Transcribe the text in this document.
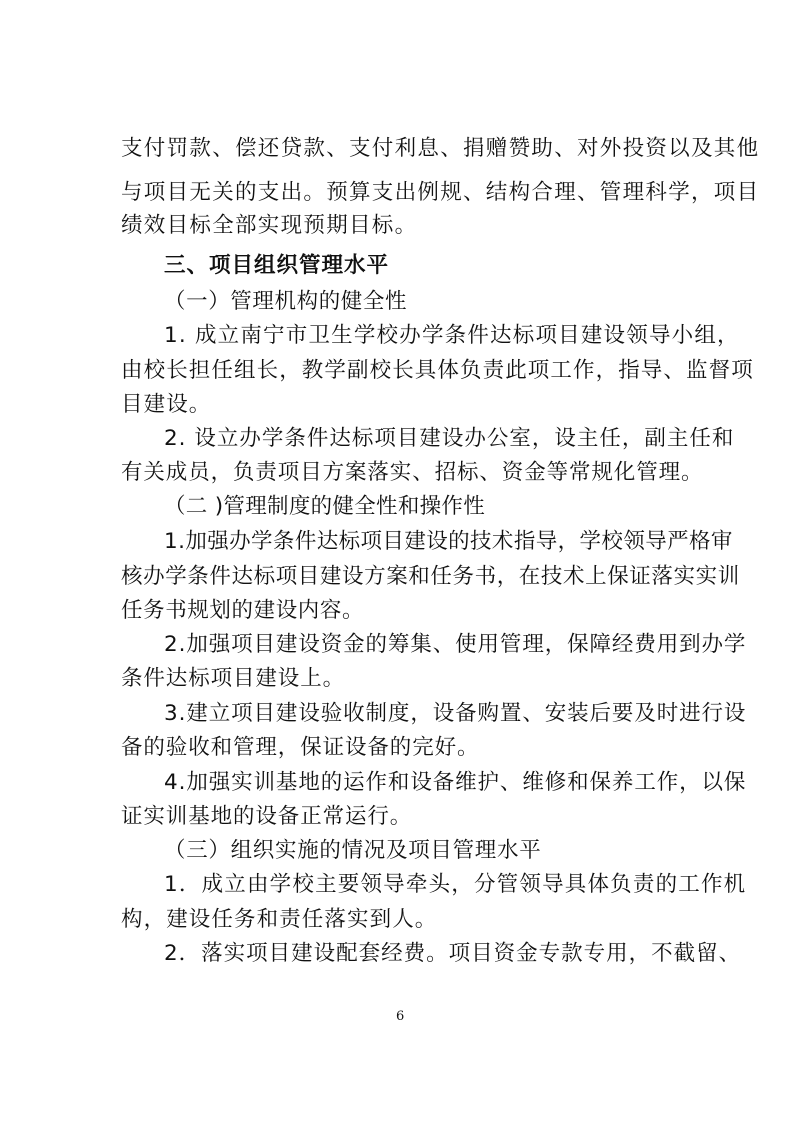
支付罚款、偿还贷款、支付利息、捐赠赞助、对外投资以及其他
与项目无关的支出。预算支出例规、结构合理、管理科学，项目
绩效目标全部实现预期目标。
三、项目组织管理水平
（一）管理机构的健全性
1. 成立南宁市卫生学校办学条件达标项目建设领导小组，
由校长担任组长，教学副校长具体负责此项工作，指导、监督项
目建设。
2. 设立办学条件达标项目建设办公室，设主任，副主任和
有关成员，负责项目方案落实、招标、资金等常规化管理。
（二 )管理制度的健全性和操作性
1.加强办学条件达标项目建设的技术指导，学校领导严格审
核办学条件达标项目建设方案和任务书，在技术上保证落实实训
任务书规划的建设内容。
2.加强项目建设资金的筹集、使用管理，保障经费用到办学
条件达标项目建设上。
3.建立项目建设验收制度，设备购置、安装后要及时进行设
备的验收和管理，保证设备的完好。
4.加强实训基地的运作和设备维护、维修和保养工作，以保
证实训基地的设备正常运行。
（三）组织实施的情况及项目管理水平
1．成立由学校主要领导牵头，分管领导具体负责的工作机
构，建设任务和责任落实到人。
2．落实项目建设配套经费。项目资金专款专用，不截留、
6
